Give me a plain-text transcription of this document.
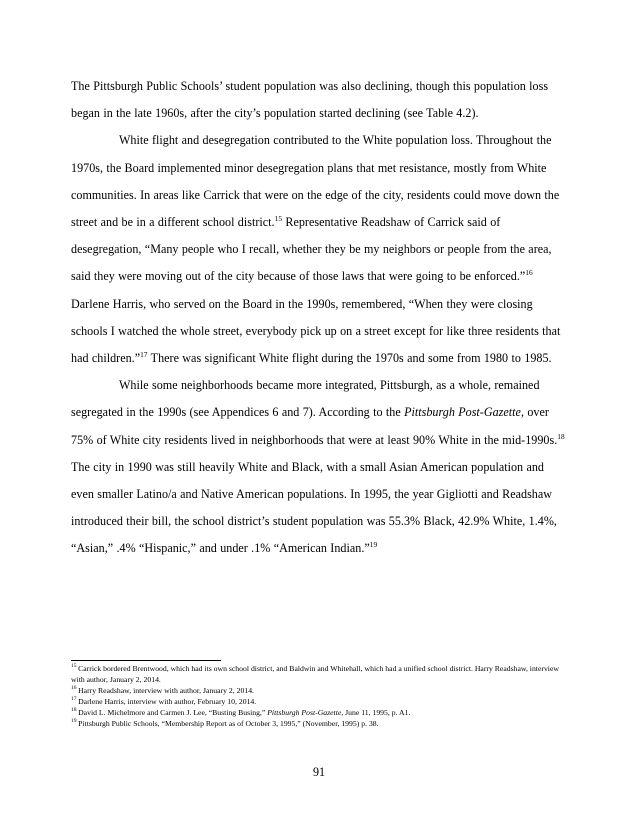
The Pittsburgh Public Schools’ student population was also declining, though this population loss began in the late 1960s, after the city’s population started declining (see Table 4.2).

White flight and desegregation contributed to the White population loss. Throughout the 1970s, the Board implemented minor desegregation plans that met resistance, mostly from White communities. In areas like Carrick that were on the edge of the city, residents could move down the street and be in a different school district.$^{15}$ Representative Readshaw of Carrick said of desegregation, “Many people who I recall, whether they be my neighbors or people from the area, said they were moving out of the city because of those laws that were going to be enforced.”$^{16}$ Darlene Harris, who served on the Board in the 1990s, remembered, “When they were closing schools I watched the whole street, everybody pick up on a street except for like three residents that had children.”$^{17}$ There was significant White flight during the 1970s and some from 1980 to 1985.

While some neighborhoods became more integrated, Pittsburgh, as a whole, remained segregated in the 1990s (see Appendices 6 and 7). According to the Pittsburgh Post-Gazette, over 75% of White city residents lived in neighborhoods that were at least 90% White in the mid-1990s.$^{18}$ The city in 1990 was still heavily White and Black, with a small Asian American population and even smaller Latino/a and Native American populations. In 1995, the year Gigliotti and Readshaw introduced their bill, the school district’s student population was 55.3% Black, 42.9% White, 1.4%, “Asian,” .4% “Hispanic,” and under .1% “American Indian.”$^{19}$

$^{15}$ Carrick bordered Brentwood, which had its own school district, and Baldwin and Whitehall, which had a unified school district. Harry Readshaw, interview with author, January 2, 2014.

$^{16}$ Harry Readshaw, interview with author, January 2, 2014.

$^{17}$ Darlene Harris, interview with author, February 10, 2014.

$^{18}$ David L. Michelmore and Carmen J. Lee, “Busting Busing,” Pittsburgh Post-Gazette, June 11, 1995, p. A1.

$^{19}$ Pittsburgh Public Schools, “Membership Report as of October 3, 1995,” (November, 1995) p. 38.

91
